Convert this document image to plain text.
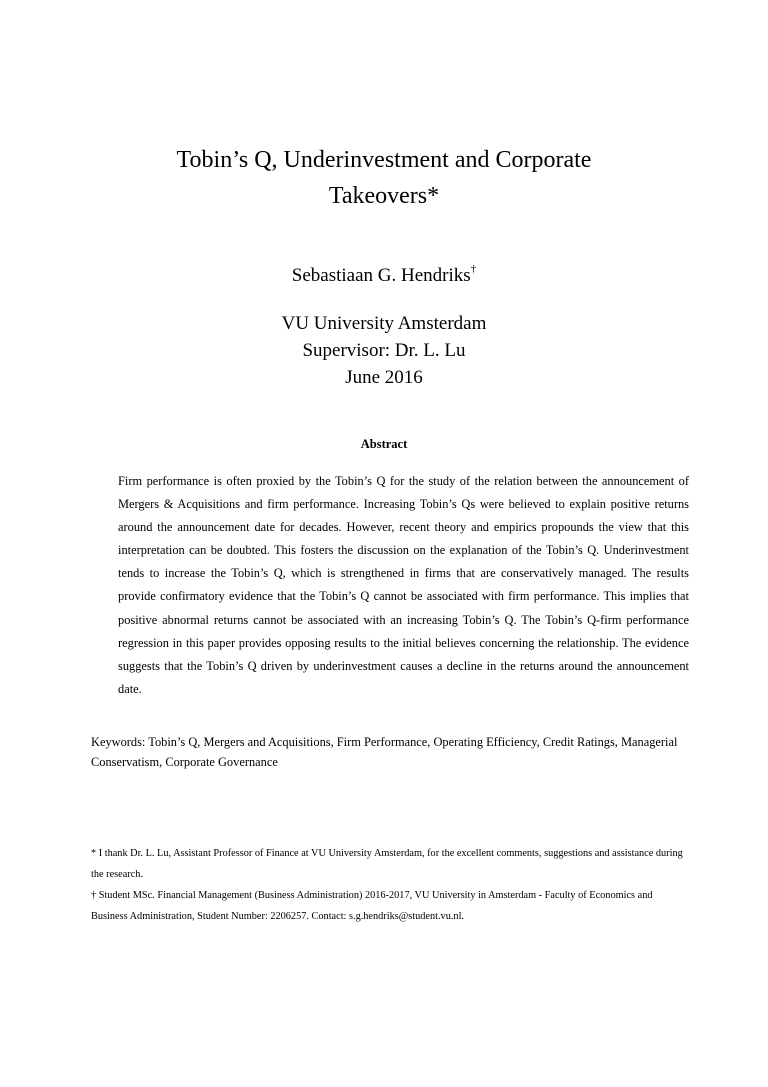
Tobin’s Q, Underinvestment and Corporate
Takeovers*
Sebastiaan G. Hendriks†
VU University Amsterdam
Supervisor: Dr. L. Lu
June 2016
Abstract
Firm performance is often proxied by the Tobin’s Q for the study of the relation between the announcement of Mergers & Acquisitions and firm performance. Increasing Tobin’s Qs were believed to explain positive returns around the announcement date for decades. However, recent theory and empirics propounds the view that this interpretation can be doubted. This fosters the discussion on the explanation of the Tobin’s Q. Underinvestment tends to increase the Tobin’s Q, which is strengthened in firms that are conservatively managed. The results provide confirmatory evidence that the Tobin’s Q cannot be associated with firm performance. This implies that positive abnormal returns cannot be associated with an increasing Tobin’s Q. The Tobin’s Q-firm performance regression in this paper provides opposing results to the initial believes concerning the relationship. The evidence suggests that the Tobin’s Q driven by underinvestment causes a decline in the returns around the announcement date.
Keywords: Tobin’s Q, Mergers and Acquisitions, Firm Performance, Operating Efficiency, Credit Ratings, Managerial Conservatism, Corporate Governance

* I thank Dr. L. Lu, Assistant Professor of Finance at VU University Amsterdam, for the excellent comments, suggestions and assistance during the research.

† Student MSc. Financial Management (Business Administration) 2016-2017, VU University in Amsterdam - Faculty of Economics and Business Administration, Student Number: 2206257. Contact: s.g.hendriks@student.vu.nl.
